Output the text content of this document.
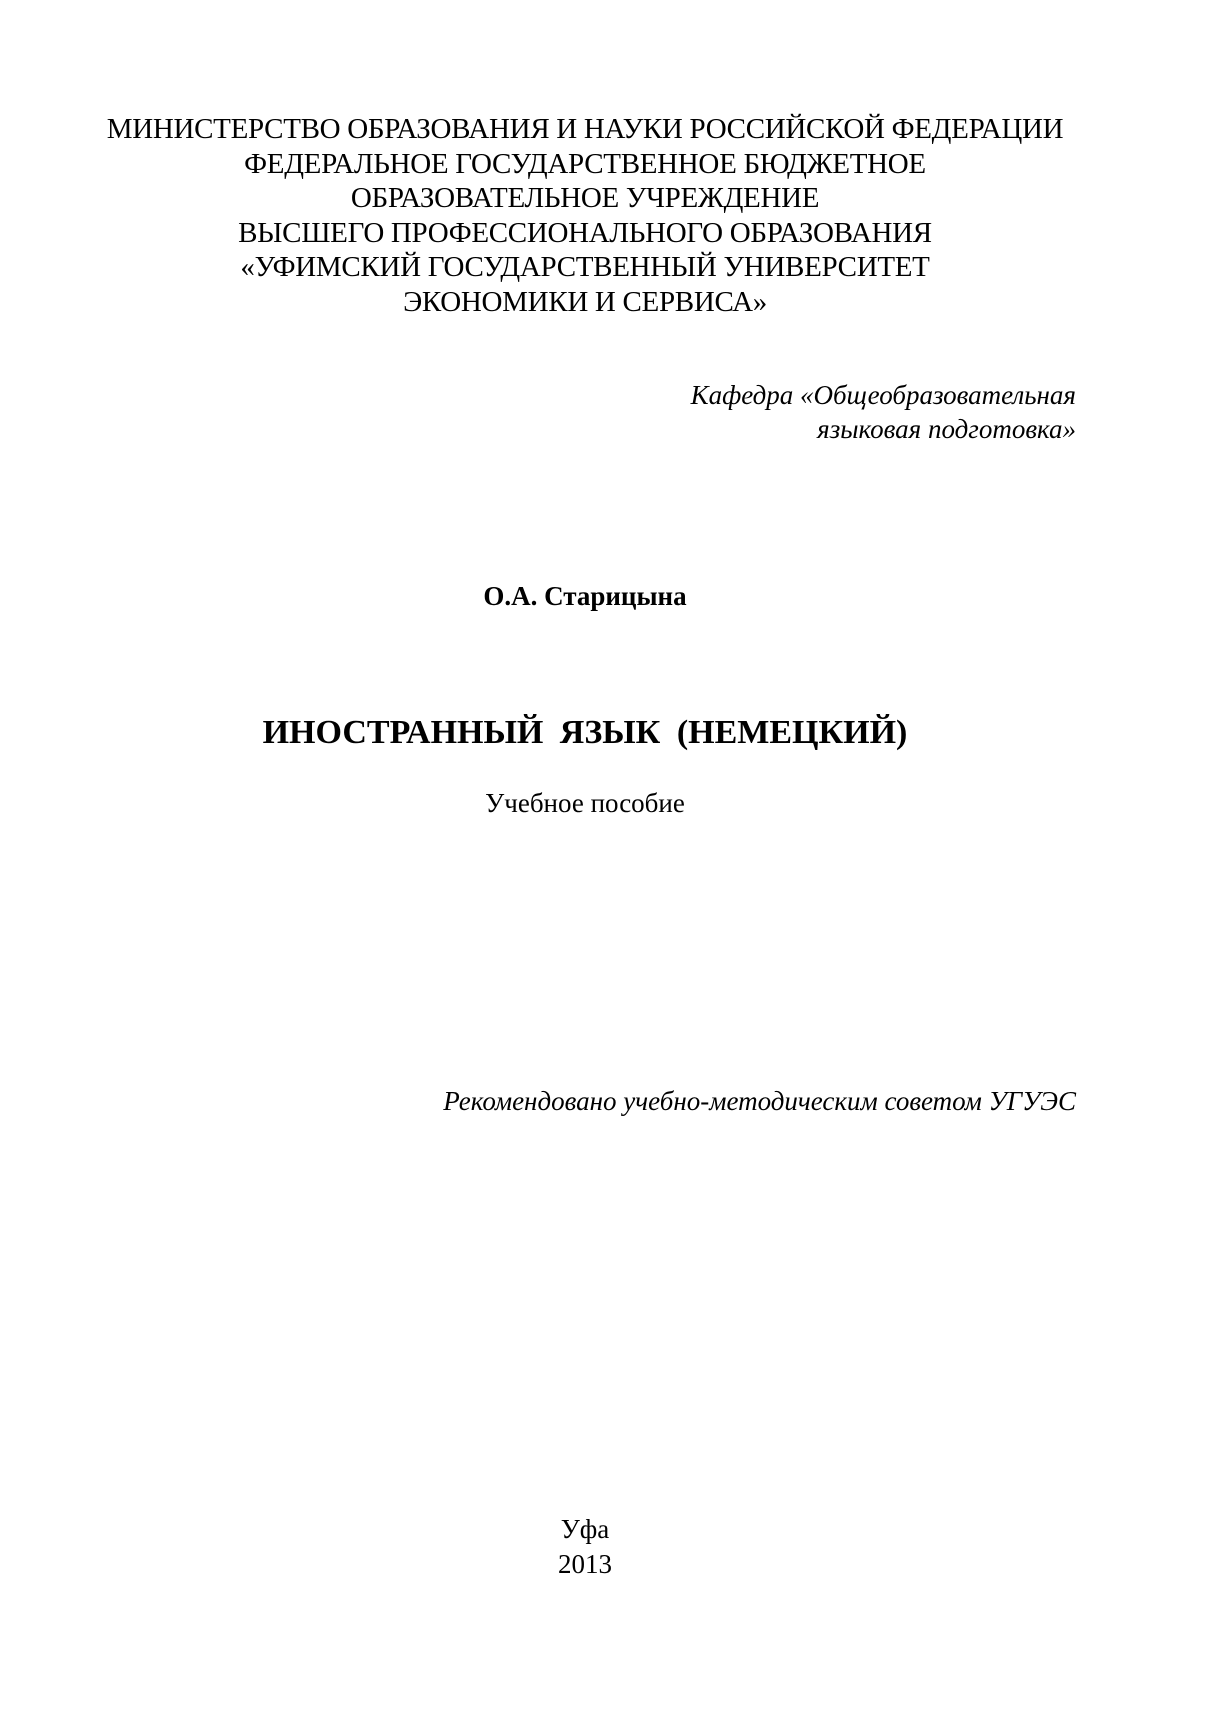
МИНИСТЕРСТВО ОБРАЗОВАНИЯ И НАУКИ РОССИЙСКОЙ ФЕДЕРАЦИИ
ФЕДЕРАЛЬНОЕ ГОСУДАРСТВЕННОЕ БЮДЖЕТНОЕ
ОБРАЗОВАТЕЛЬНОЕ УЧРЕЖДЕНИЕ
ВЫСШЕГО ПРОФЕССИОНАЛЬНОГО ОБРАЗОВАНИЯ
«УФИМСКИЙ ГОСУДАРСТВЕННЫЙ УНИВЕРСИТЕТ
ЭКОНОМИКИ И СЕРВИСА»
Кафедра «Общеобразовательная
языковая подготовка»
О.А. Старицына
ИНОСТРАННЫЙ ЯЗЫК (НЕМЕЦКИЙ)
Учебное пособие
Рекомендовано учебно-методическим советом УГУЭС
Уфа
2013
